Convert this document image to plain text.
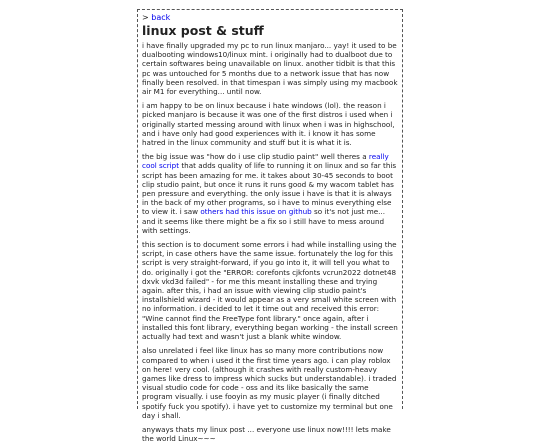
> back
linux post & stuff

i have finally upgraded my pc to run linux manjaro... yay! it used to be dualbooting windows10/linux mint. i originally had to dualboot due to certain softwares being unavailable on linux. another tidbit is that this pc was untouched for 5 months due to a network issue that has now finally been resolved. in that timespan i was simply using my macbook air M1 for everything... until now.

i am happy to be on linux because i hate windows (lol). the reason i picked manjaro is because it was one of the first distros i used when i originally started messing around with linux when i was in highschool, and i have only had good experiences with it. i know it has some hatred in the linux community and stuff but it is what it is.

the big issue was "how do i use clip studio paint" well theres a really cool script that adds quality of life to running it on linux and so far this script has been amazing for me. it takes about 30-45 seconds to boot clip studio paint, but once it runs it runs good & my wacom tablet has pen pressure and everything. the only issue i have is that it is always in the back of my other programs, so i have to minus everything else to view it. i saw others had this issue on github so it's not just me... and it seems like there might be a fix so i still have to mess around with settings.

this section is to document some errors i had while installing using the script, in case others have the same issue. fortunately the log for this script is very straight-forward, if you go into it, it will tell you what to do. originally i got the "ERROR: corefonts cjkfonts vcrun2022 dotnet48 dxvk vkd3d failed" - for me this meant installing these and trying again. after this, i had an issue with viewing clip studio paint's installshield wizard - it would appear as a very small white screen with no information. i decided to let it time out and received this error: "Wine cannot find the FreeType font library." once again, after i installed this font library, everything began working - the install screen actually had text and wasn't just a blank white window.

also unrelated i feel like linux has so many more contributions now compared to when i used it the first time years ago. i can play roblox on here! very cool. (although it crashes with really custom-heavy games like dress to impress which sucks but understandable). i traded visual studio code for code - oss and its like basically the same program visually. i use fooyin as my music player (i finally ditched spotify fuck you spotify). i have yet to customize my terminal but one day i shall.

anyways thats my linux post ... everyone use linux now!!!! lets make the world Linux~~~
